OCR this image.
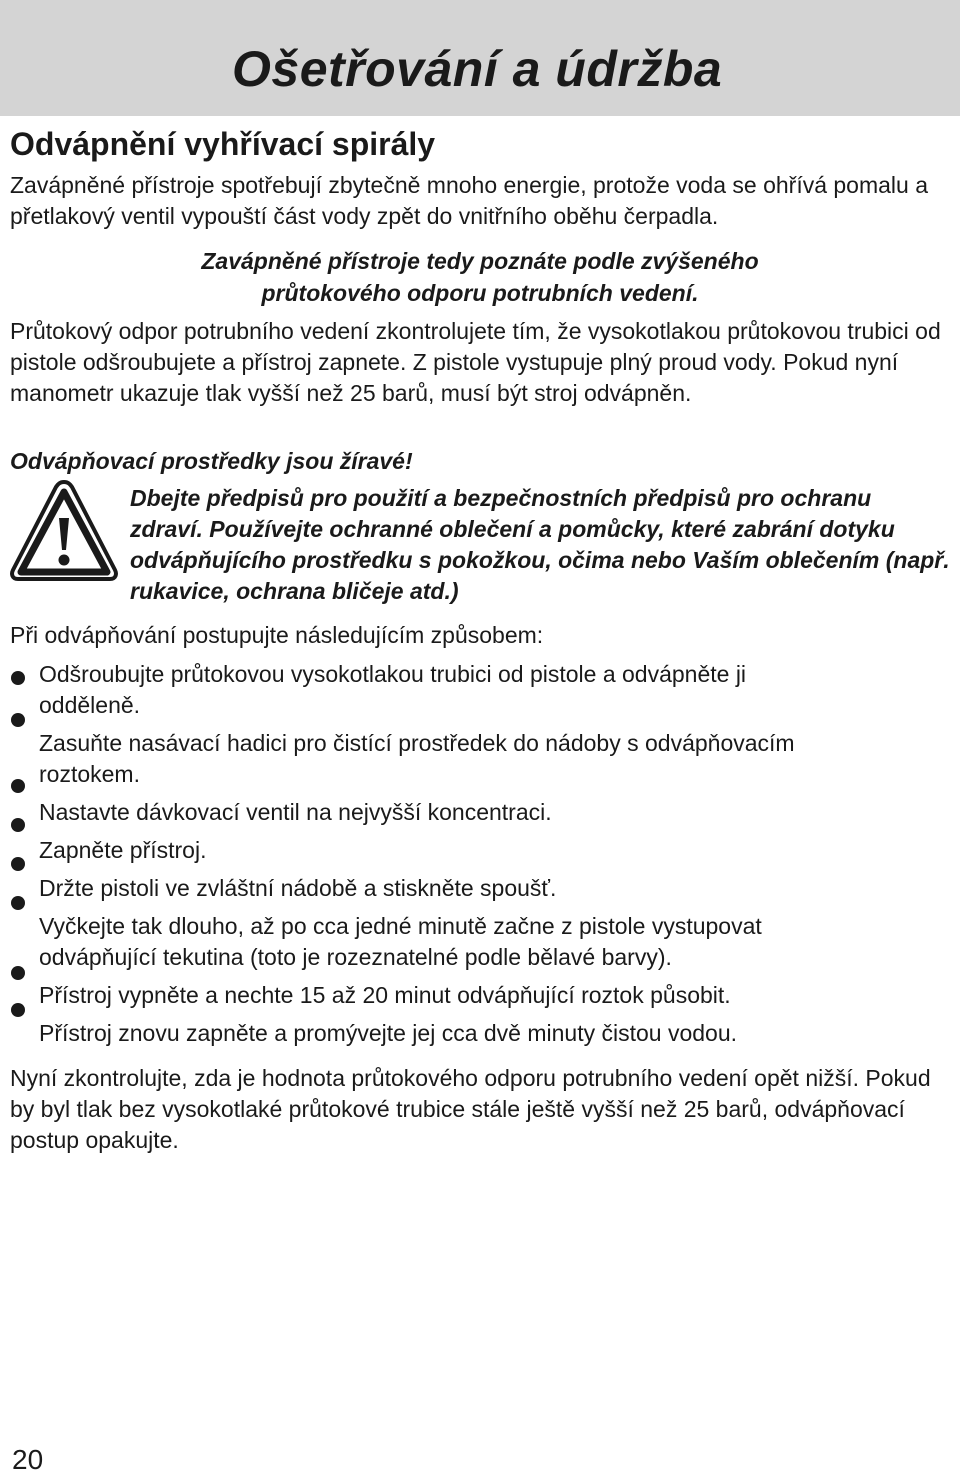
Ošetřování a údržba
Odvápnění vyhřívací spirály

Zavápněné přístroje spotřebují zbytečně mnoho energie, protože voda se ohřívá pomalu a přetlakový ventil vypouští část vody zpět do vnitřního oběhu čerpadla.

Zavápněné přístroje tedy poznáte podle zvýšeného
průtokového odporu potrubních vedení.

Průtokový odpor potrubního vedení zkontrolujete tím, že vysokotlakou průtokovou trubici od pistole odšroubujete a přístroj zapnete. Z pistole vystupuje plný proud vody. Pokud nyní manometr ukazuje tlak vyšší než 25 barů, musí být stroj odvápněn.

Odvápňovací prostředky jsou žíravé!

Dbejte předpisů pro použití a bezpečnostních předpisů pro ochranu zdraví. Používejte ochranné oblečení a pomůcky, které zabrání dotyku odvápňujícího prostředku s pokožkou, očima nebo Vaším oblečením (např. rukavice, ochrana bličeje atd.)

Při odvápňování postupujte následujícím způsobem:

Odšroubujte průtokovou vysokotlakou trubici od pistole a odvápněte ji

odděleně.

Zasuňte nasávací hadici pro čistící prostředek do nádoby s odvápňovacím

roztokem.

Nastavte dávkovací ventil na nejvyšší koncentraci.

Zapněte přístroj.

Držte pistoli ve zvláštní nádobě a stiskněte spoušť.

Vyčkejte tak dlouho, až po cca jedné minutě začne z pistole vystupovat

odvápňující tekutina (toto je rozeznatelné podle bělavé barvy).

Přístroj vypněte a nechte 15 až 20 minut odvápňující roztok působit.

Přístroj znovu zapněte a promývejte jej cca dvě minuty čistou vodou.

Nyní zkontrolujte, zda je hodnota průtokového odporu potrubního vedení opět nižší. Pokud by byl tlak bez vysokotlaké průtokové trubice stále ještě vyšší než 25 barů, odvápňovací postup opakujte.

20
